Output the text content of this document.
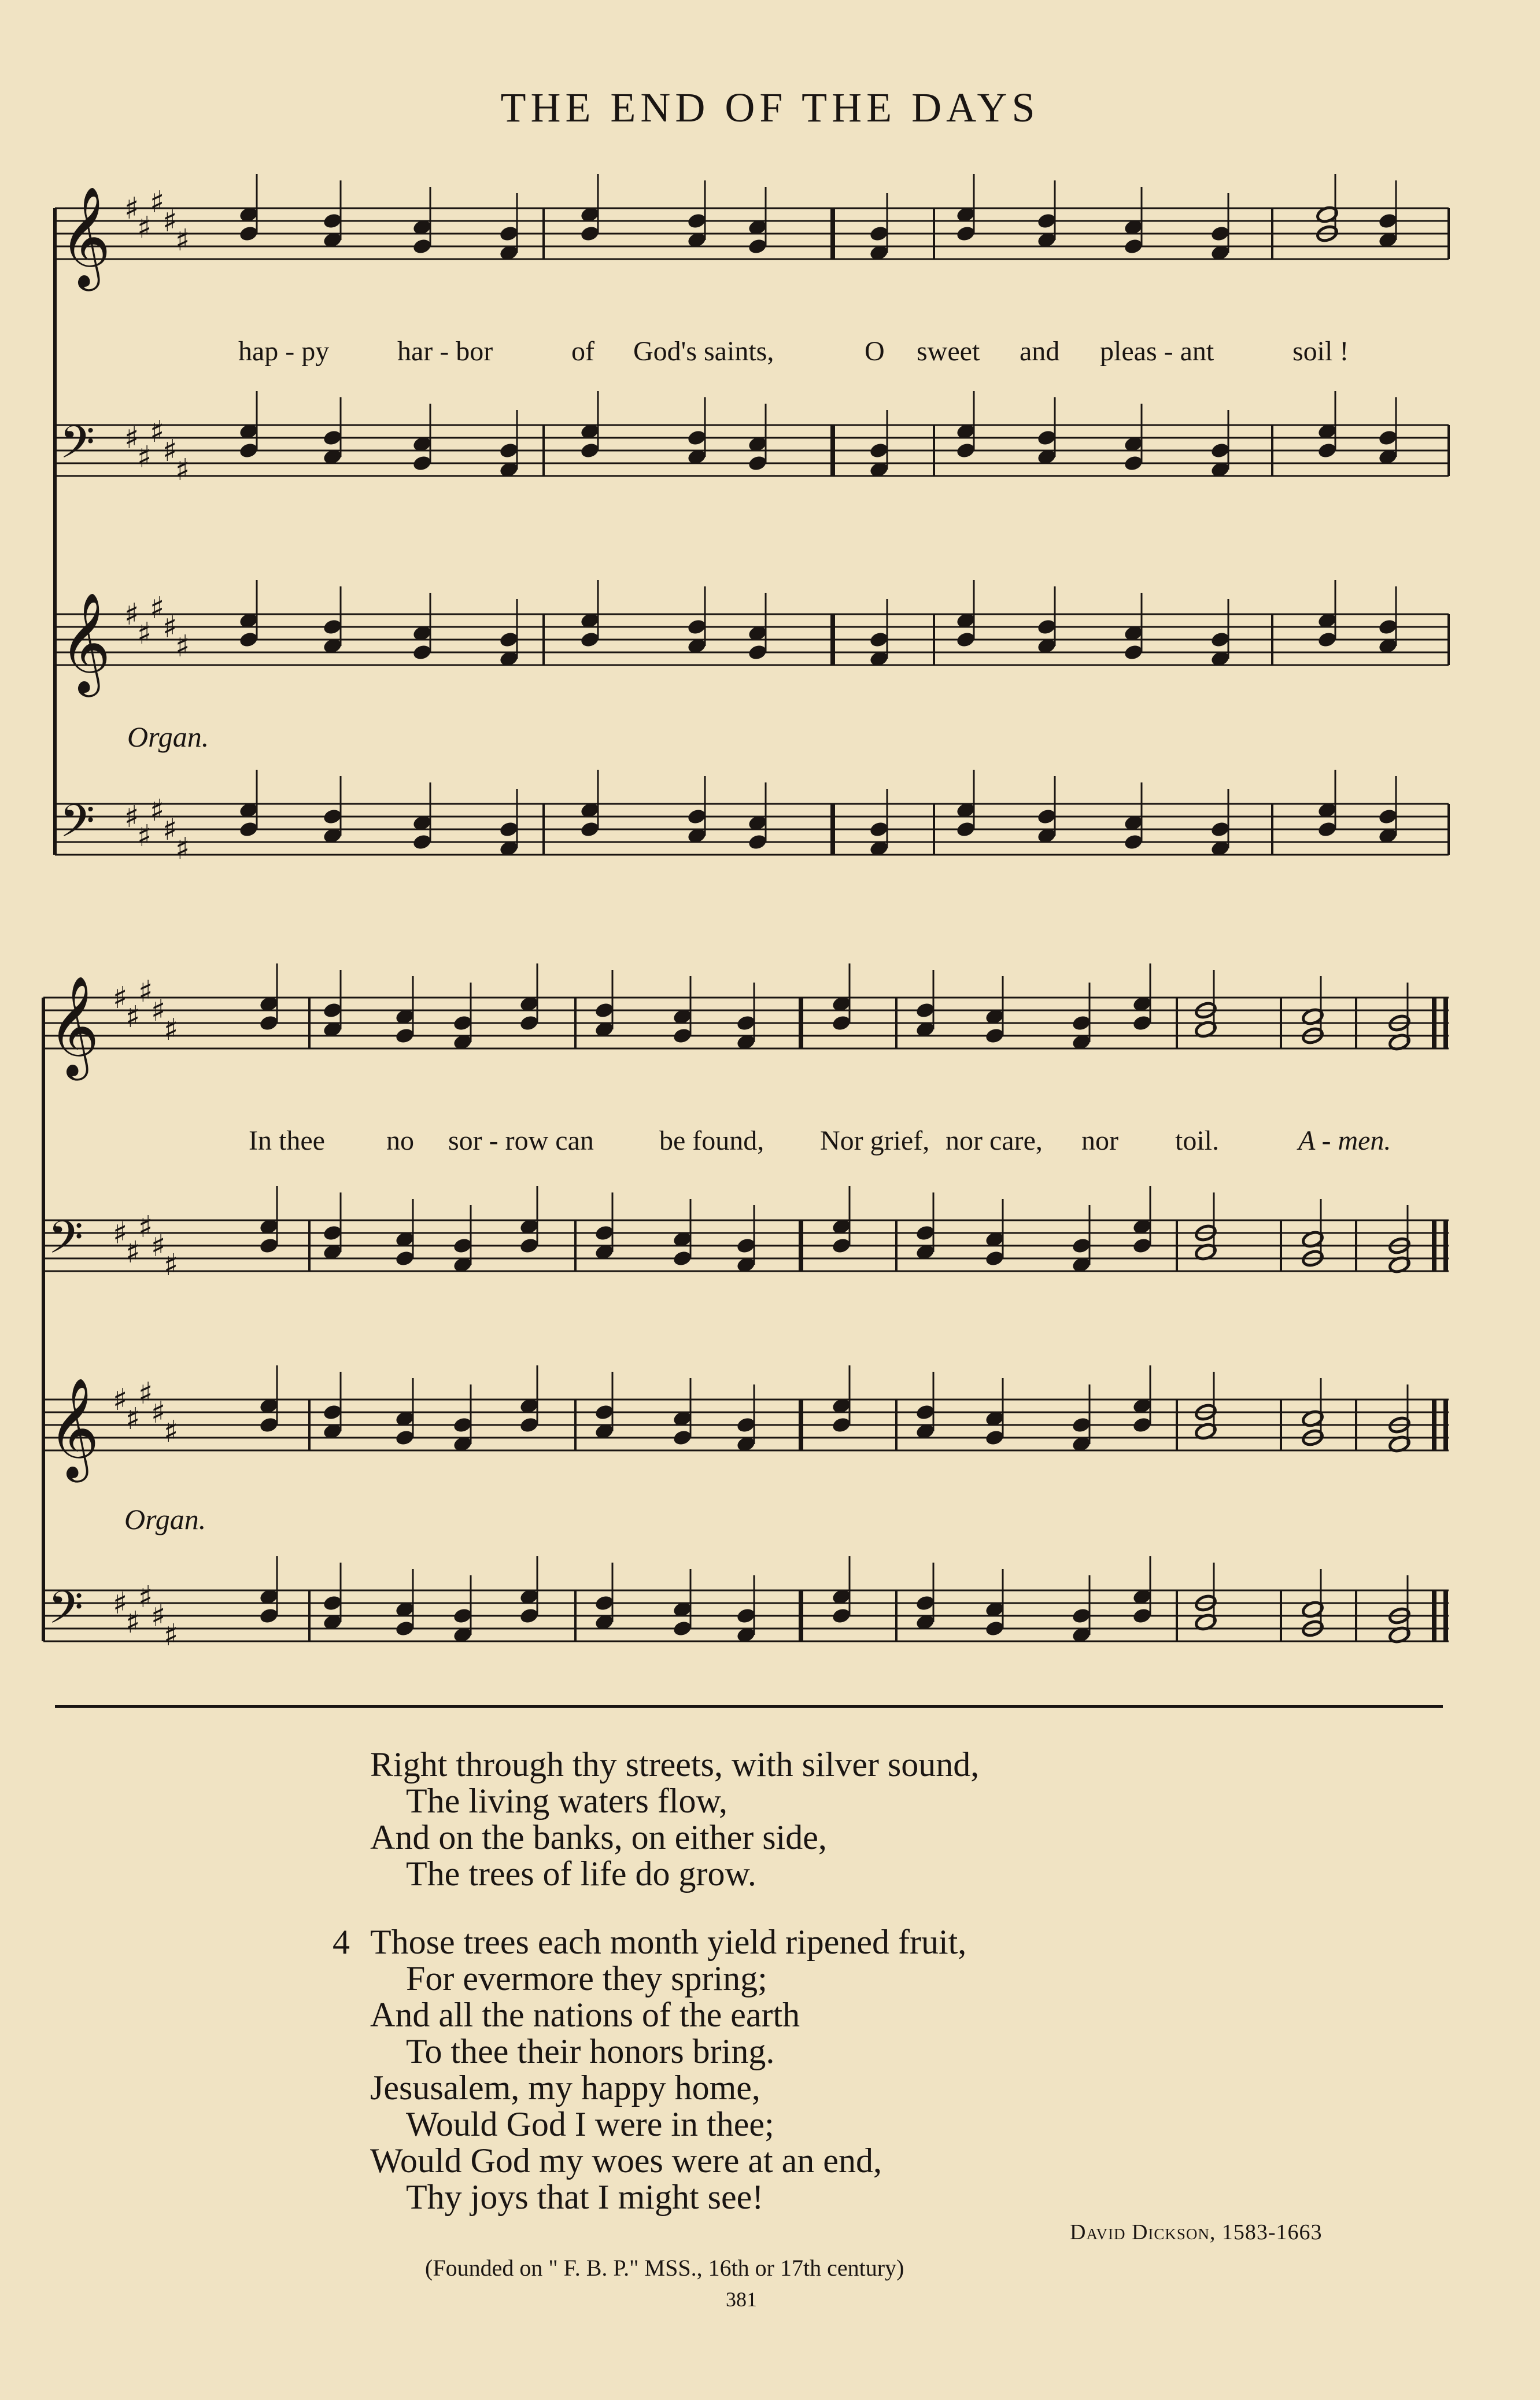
THE END OF THE DAYS
𝄞 ♯
♯
♯
♯
♯
𝄢 ♯
♯
♯
♯
♯
𝄞 ♯
♯
♯
♯
♯
𝄢 ♯
♯
♯
♯
♯
𝄞 ♯
♯
♯
♯
♯
𝄢 ♯
♯
♯
♯
♯
𝄞 ♯
♯
♯
♯
♯
𝄢 ♯
♯
♯
♯
♯
hap - py har - bor	of God's saints,	O sweet and pleas - ant	soil !
Organ.
In thee no sor - row can be found, Nor grief, nor care, nor toil.	A - men.
Organ.
Right through thy streets, with silver sound,
The living waters flow,
And on the banks, on either side,
The trees of life do grow.
4 Those trees each month yield ripened fruit,
For evermore they spring;
And all the nations of the earth
To thee their honors bring.
Jesusalem, my happy home,
Would God I were in thee;
Would God my woes were at an end,
Thy joys that I might see!
David Dickson, 1583-1663
(Founded on " F. B. P." MSS., 16th or 17th century)
381
